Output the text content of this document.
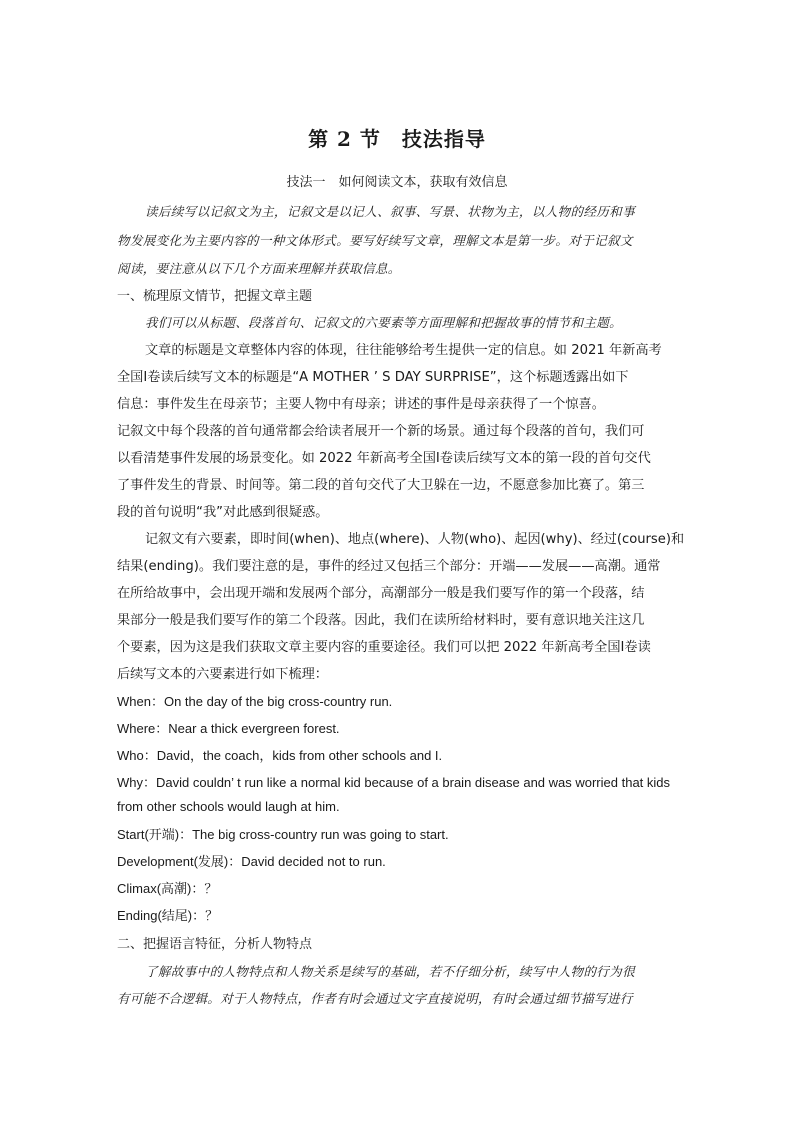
第 2 节　技法指导
技法一　如何阅读文本，获取有效信息
读后续写以记叙文为主，记叙文是以记人、叙事、写景、状物为主，以人物的经历和事
物发展变化为主要内容的一种文体形式。要写好续写文章，理解文本是第一步。对于记叙文
阅读，要注意从以下几个方面来理解并获取信息。
一、梳理原文情节，把握文章主题
我们可以从标题、段落首句、记叙文的六要素等方面理解和把握故事的情节和主题。
文章的标题是文章整体内容的体现，往往能够给考生提供一定的信息。如 2021 年新高考
全国Ⅰ卷读后续写文本的标题是“A MOTHER ’ S DAY SURPRISE”，这个标题透露出如下
信息：事件发生在母亲节；主要人物中有母亲；讲述的事件是母亲获得了一个惊喜。
记叙文中每个段落的首句通常都会给读者展开一个新的场景。通过每个段落的首句，我们可
以看清楚事件发展的场景变化。如 2022 年新高考全国Ⅰ卷读后续写文本的第一段的首句交代
了事件发生的背景、时间等。第二段的首句交代了大卫躲在一边，不愿意参加比赛了。第三
段的首句说明“我”对此感到很疑惑。
记叙文有六要素，即时间(when)、地点(where)、人物(who)、起因(why)、经过(course)和
结果(ending)。我们要注意的是，事件的经过又包括三个部分：开端——发展——高潮。通常
在所给故事中，会出现开端和发展两个部分，高潮部分一般是我们要写作的第一个段落，结
果部分一般是我们要写作的第二个段落。因此，我们在读所给材料时，要有意识地关注这几
个要素，因为这是我们获取文章主要内容的重要途径。我们可以把 2022 年新高考全国Ⅰ卷读
后续写文本的六要素进行如下梳理：
When：On the day of the big cross-country run.
Where：Near a thick evergreen forest.
Who：David，the coach，kids from other schools and I.
Why：David couldn’ t run like a normal kid because of a brain disease and was worried that kids
from other schools would laugh at him.
Start(开端)：The big cross-country run was going to start.
Development(发展)：David decided not to run.
Climax(高潮)：？
Ending(结尾)：？
二、把握语言特征，分析人物特点
了解故事中的人物特点和人物关系是续写的基础，若不仔细分析，续写中人物的行为很
有可能不合逻辑。对于人物特点，作者有时会通过文字直接说明，有时会通过细节描写进行
